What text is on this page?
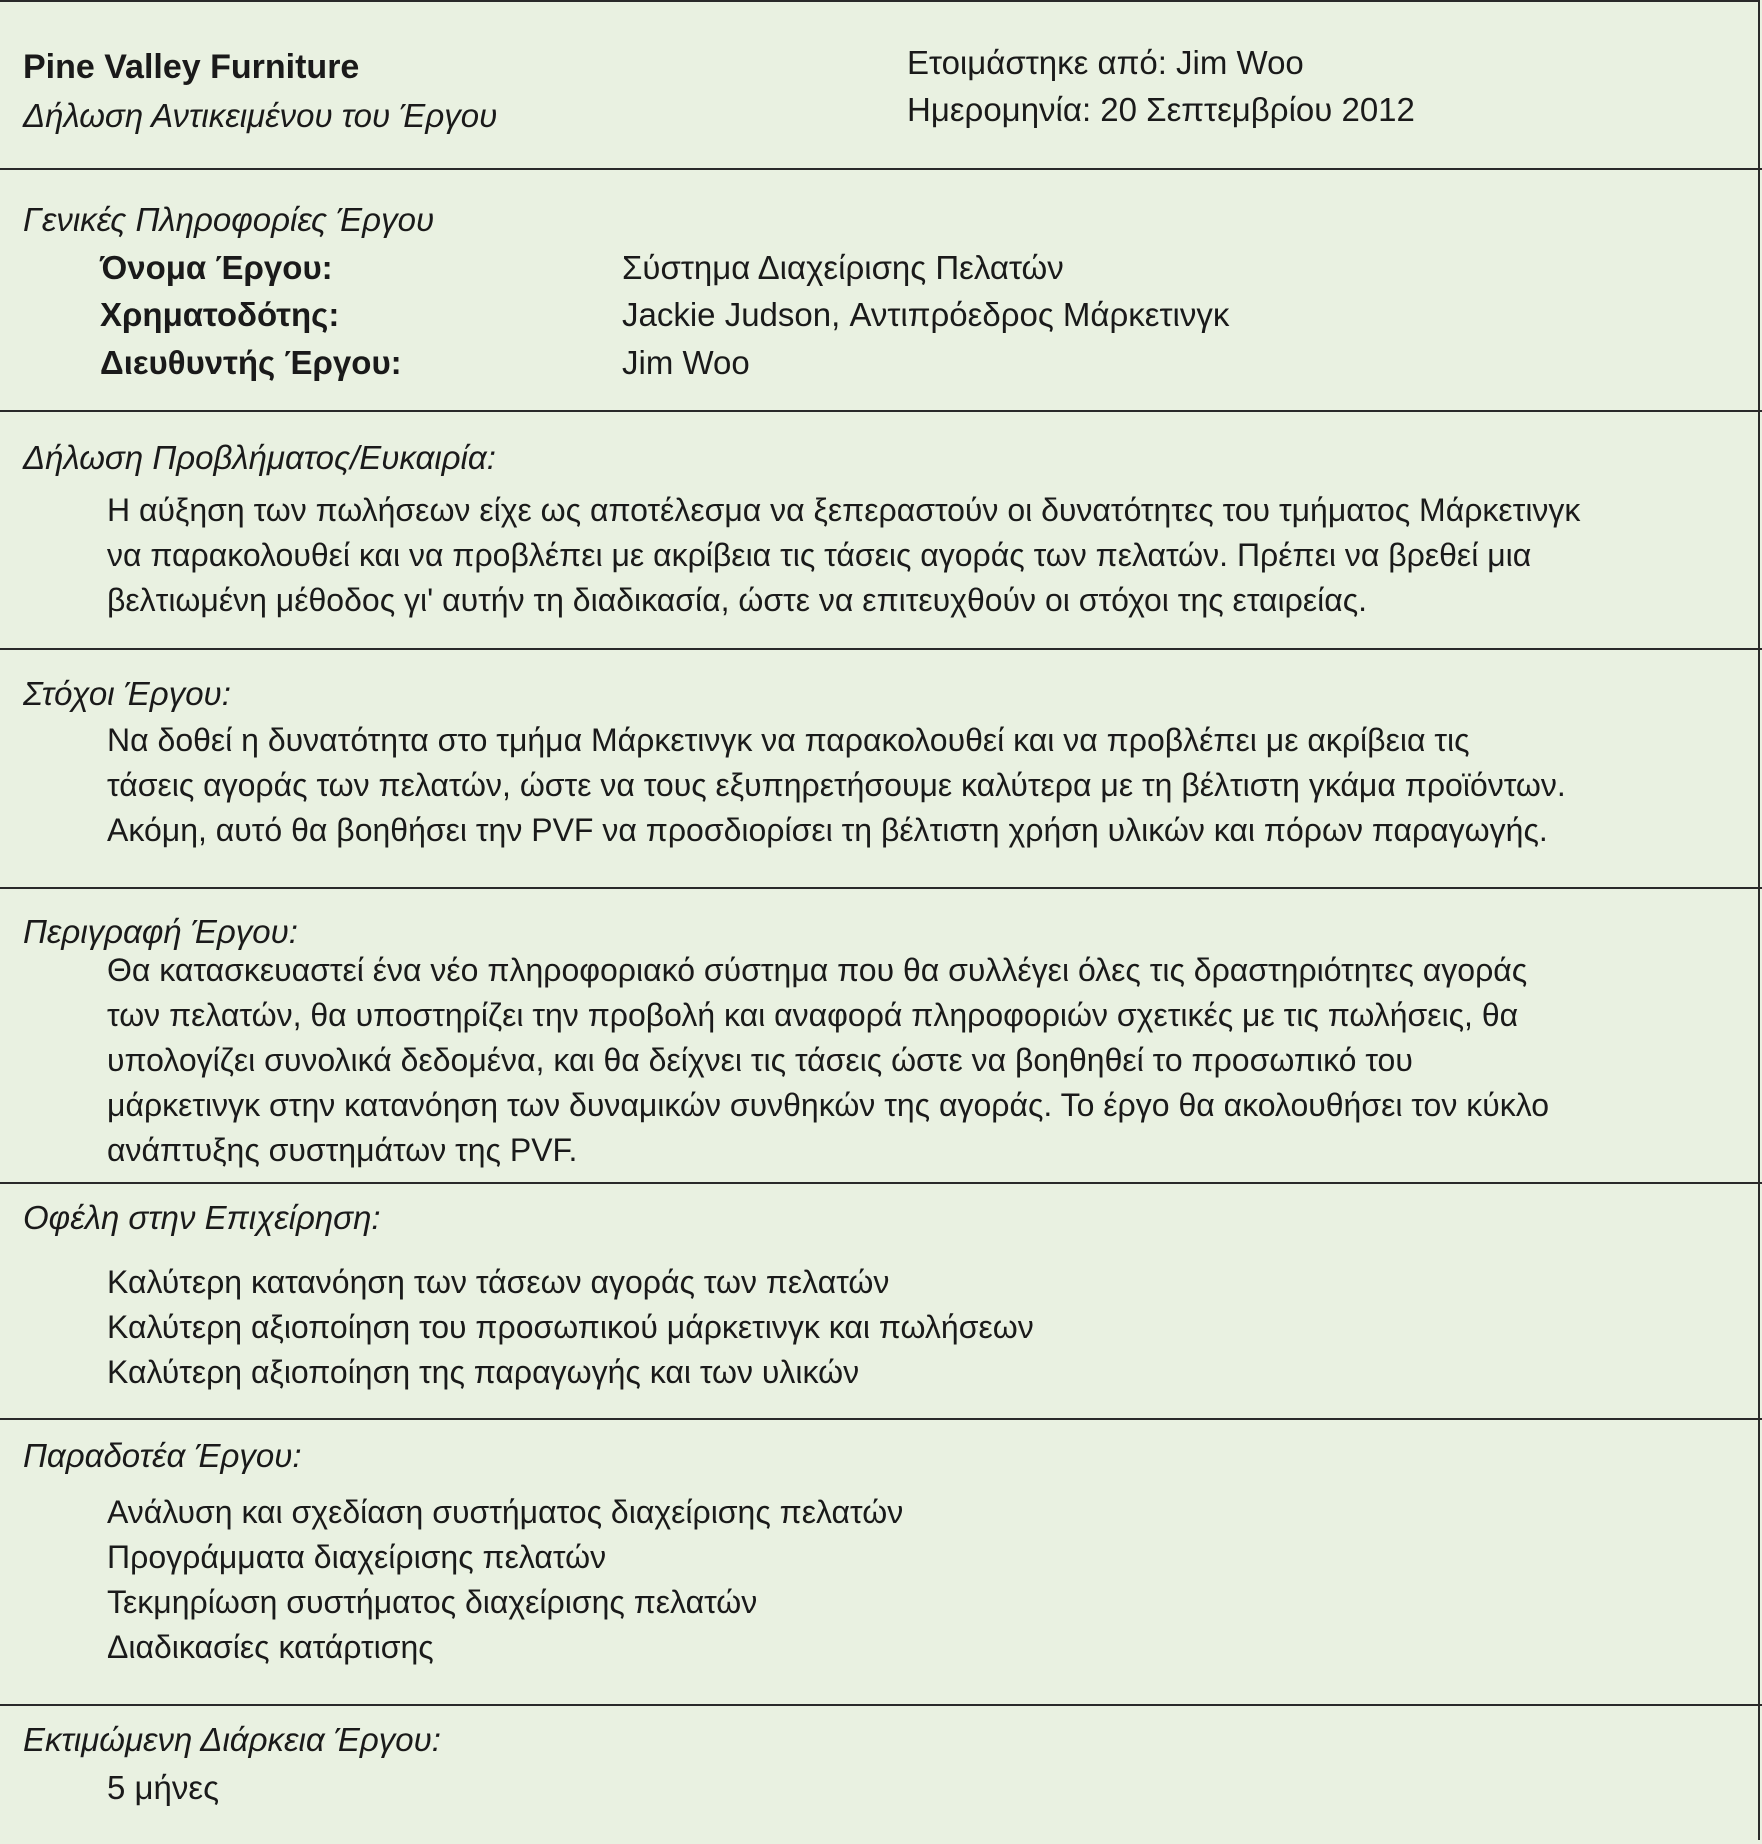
Pine Valley Furniture
Δήλωση Αντικειμένου του Έργου
Ετοιμάστηκε από: Jim Woo
Ημερομηνία: 20 Σεπτεμβρίου 2012
Γενικές Πληροφορίες Έργου
Όνομα Έργου:	Σύστημα Διαχείρισης Πελατών
Χρηματοδότης:	Jackie Judson, Αντιπρόεδρος Μάρκετινγκ
Διευθυντής Έργου:	Jim Woo
Δήλωση Προβλήματος/Ευκαιρία:
Η αύξηση των πωλήσεων είχε ως αποτέλεσμα να ξεπεραστούν οι δυνατότητες του τμήματος Μάρκετινγκ
να παρακολουθεί και να προβλέπει με ακρίβεια τις τάσεις αγοράς των πελατών. Πρέπει να βρεθεί μια
βελτιωμένη μέθοδος γι' αυτήν τη διαδικασία, ώστε να επιτευχθούν οι στόχοι της εταιρείας.
Στόχοι Έργου:
Να δοθεί η δυνατότητα στο τμήμα Μάρκετινγκ να παρακολουθεί και να προβλέπει με ακρίβεια τις
τάσεις αγοράς των πελατών, ώστε να τους εξυπηρετήσουμε καλύτερα με τη βέλτιστη γκάμα προϊόντων.
Ακόμη, αυτό θα βοηθήσει την PVF να προσδιορίσει τη βέλτιστη χρήση υλικών και πόρων παραγωγής.
Περιγραφή Έργου:
Θα κατασκευαστεί ένα νέο πληροφοριακό σύστημα που θα συλλέγει όλες τις δραστηριότητες αγοράς
των πελατών, θα υποστηρίζει την προβολή και αναφορά πληροφοριών σχετικές με τις πωλήσεις, θα
υπολογίζει συνολικά δεδομένα, και θα δείχνει τις τάσεις ώστε να βοηθηθεί το προσωπικό του
μάρκετινγκ στην κατανόηση των δυναμικών συνθηκών της αγοράς. Το έργο θα ακολουθήσει τον κύκλο
ανάπτυξης συστημάτων της PVF.
Οφέλη στην Επιχείρηση:
Καλύτερη κατανόηση των τάσεων αγοράς των πελατών
Καλύτερη αξιοποίηση του προσωπικού μάρκετινγκ και πωλήσεων
Καλύτερη αξιοποίηση της παραγωγής και των υλικών
Παραδοτέα Έργου:
Ανάλυση και σχεδίαση συστήματος διαχείρισης πελατών
Προγράμματα διαχείρισης πελατών
Τεκμηρίωση συστήματος διαχείρισης πελατών
Διαδικασίες κατάρτισης
Εκτιμώμενη Διάρκεια Έργου:
5 μήνες
